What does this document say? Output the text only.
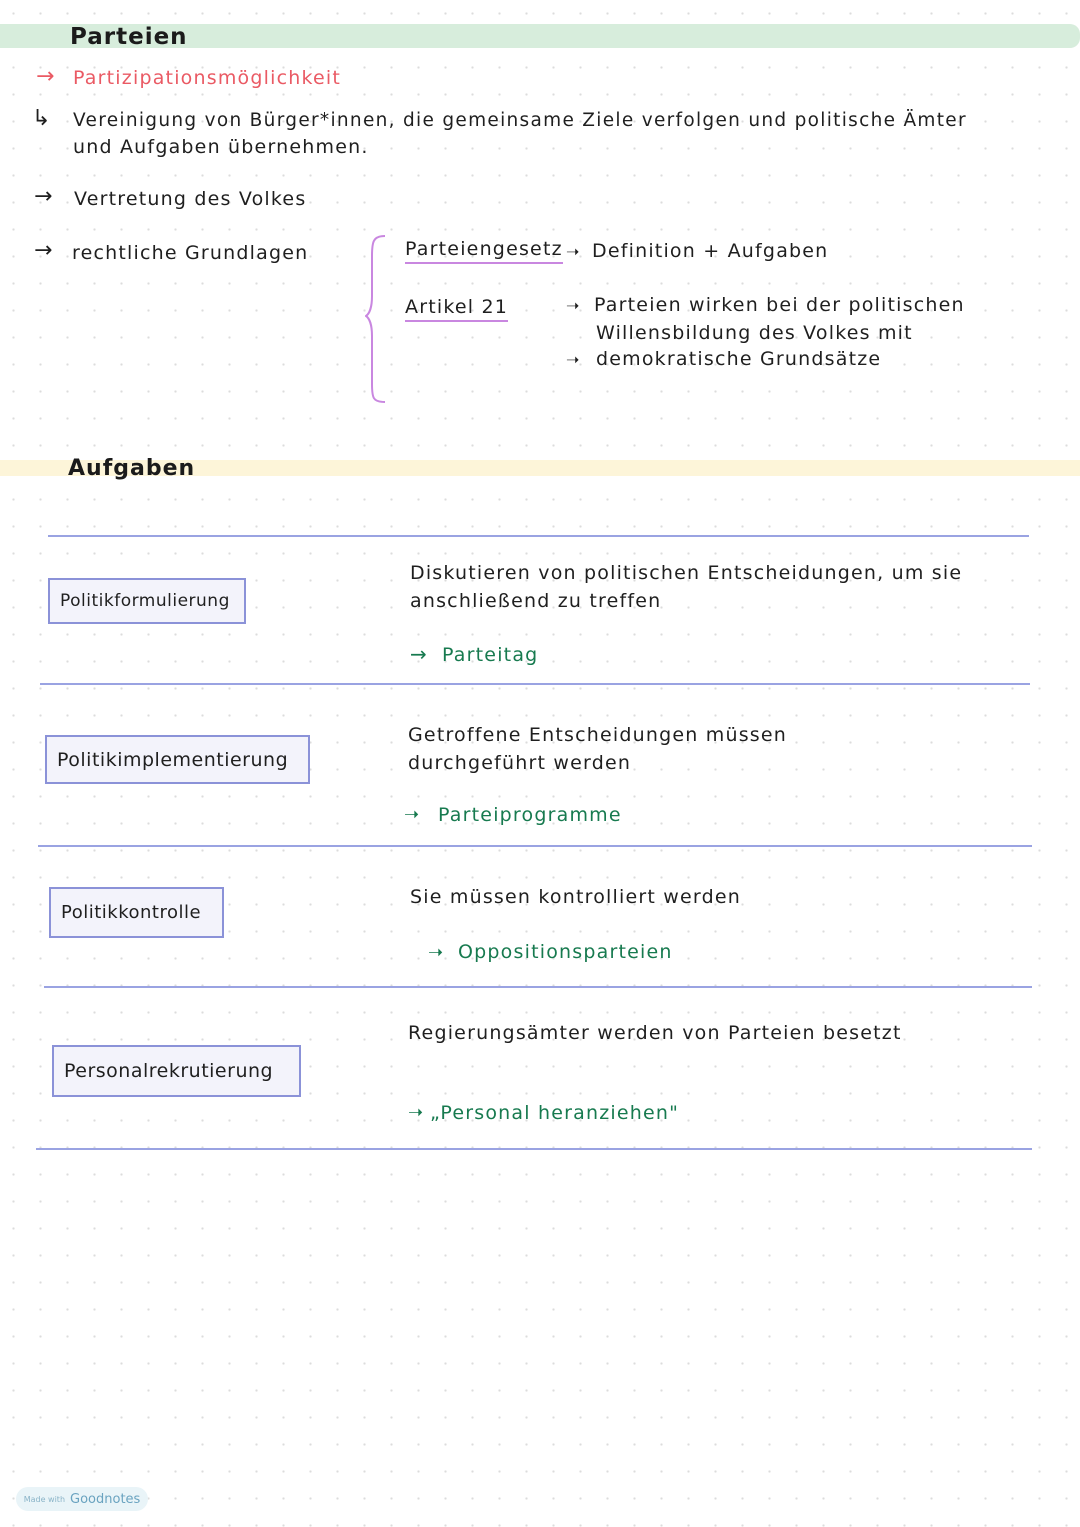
Parteien
→ Partizipationsmöglichkeit
↳ Vereinigung von Bürger*innen, die gemeinsame Ziele verfolgen und politische Ämter
und Aufgaben übernehmen.
→ Vertretung des Volkes
→ rechtliche Grundlagen	Parteiengesetz ➝ Definition + Aufgaben
Artikel 21	➝ Parteien wirken bei der politischen
Willensbildung des Volkes mit
➝ demokratische Grundsätze
Aufgaben
Politikformulierung
Diskutieren von politischen Entscheidungen, um sie
anschließend zu treffen
→ Parteitag
Politikimplementierung
Getroffene Entscheidungen müssen
durchgeführt werden
➝ Parteiprogramme
Politikkontrolle
Sie müssen kontrolliert werden
➝ Oppositionsparteien
Personalrekrutierung
Regierungsämter werden von Parteien besetzt
➝ „Personal heranziehen"
Made with Goodnotes
